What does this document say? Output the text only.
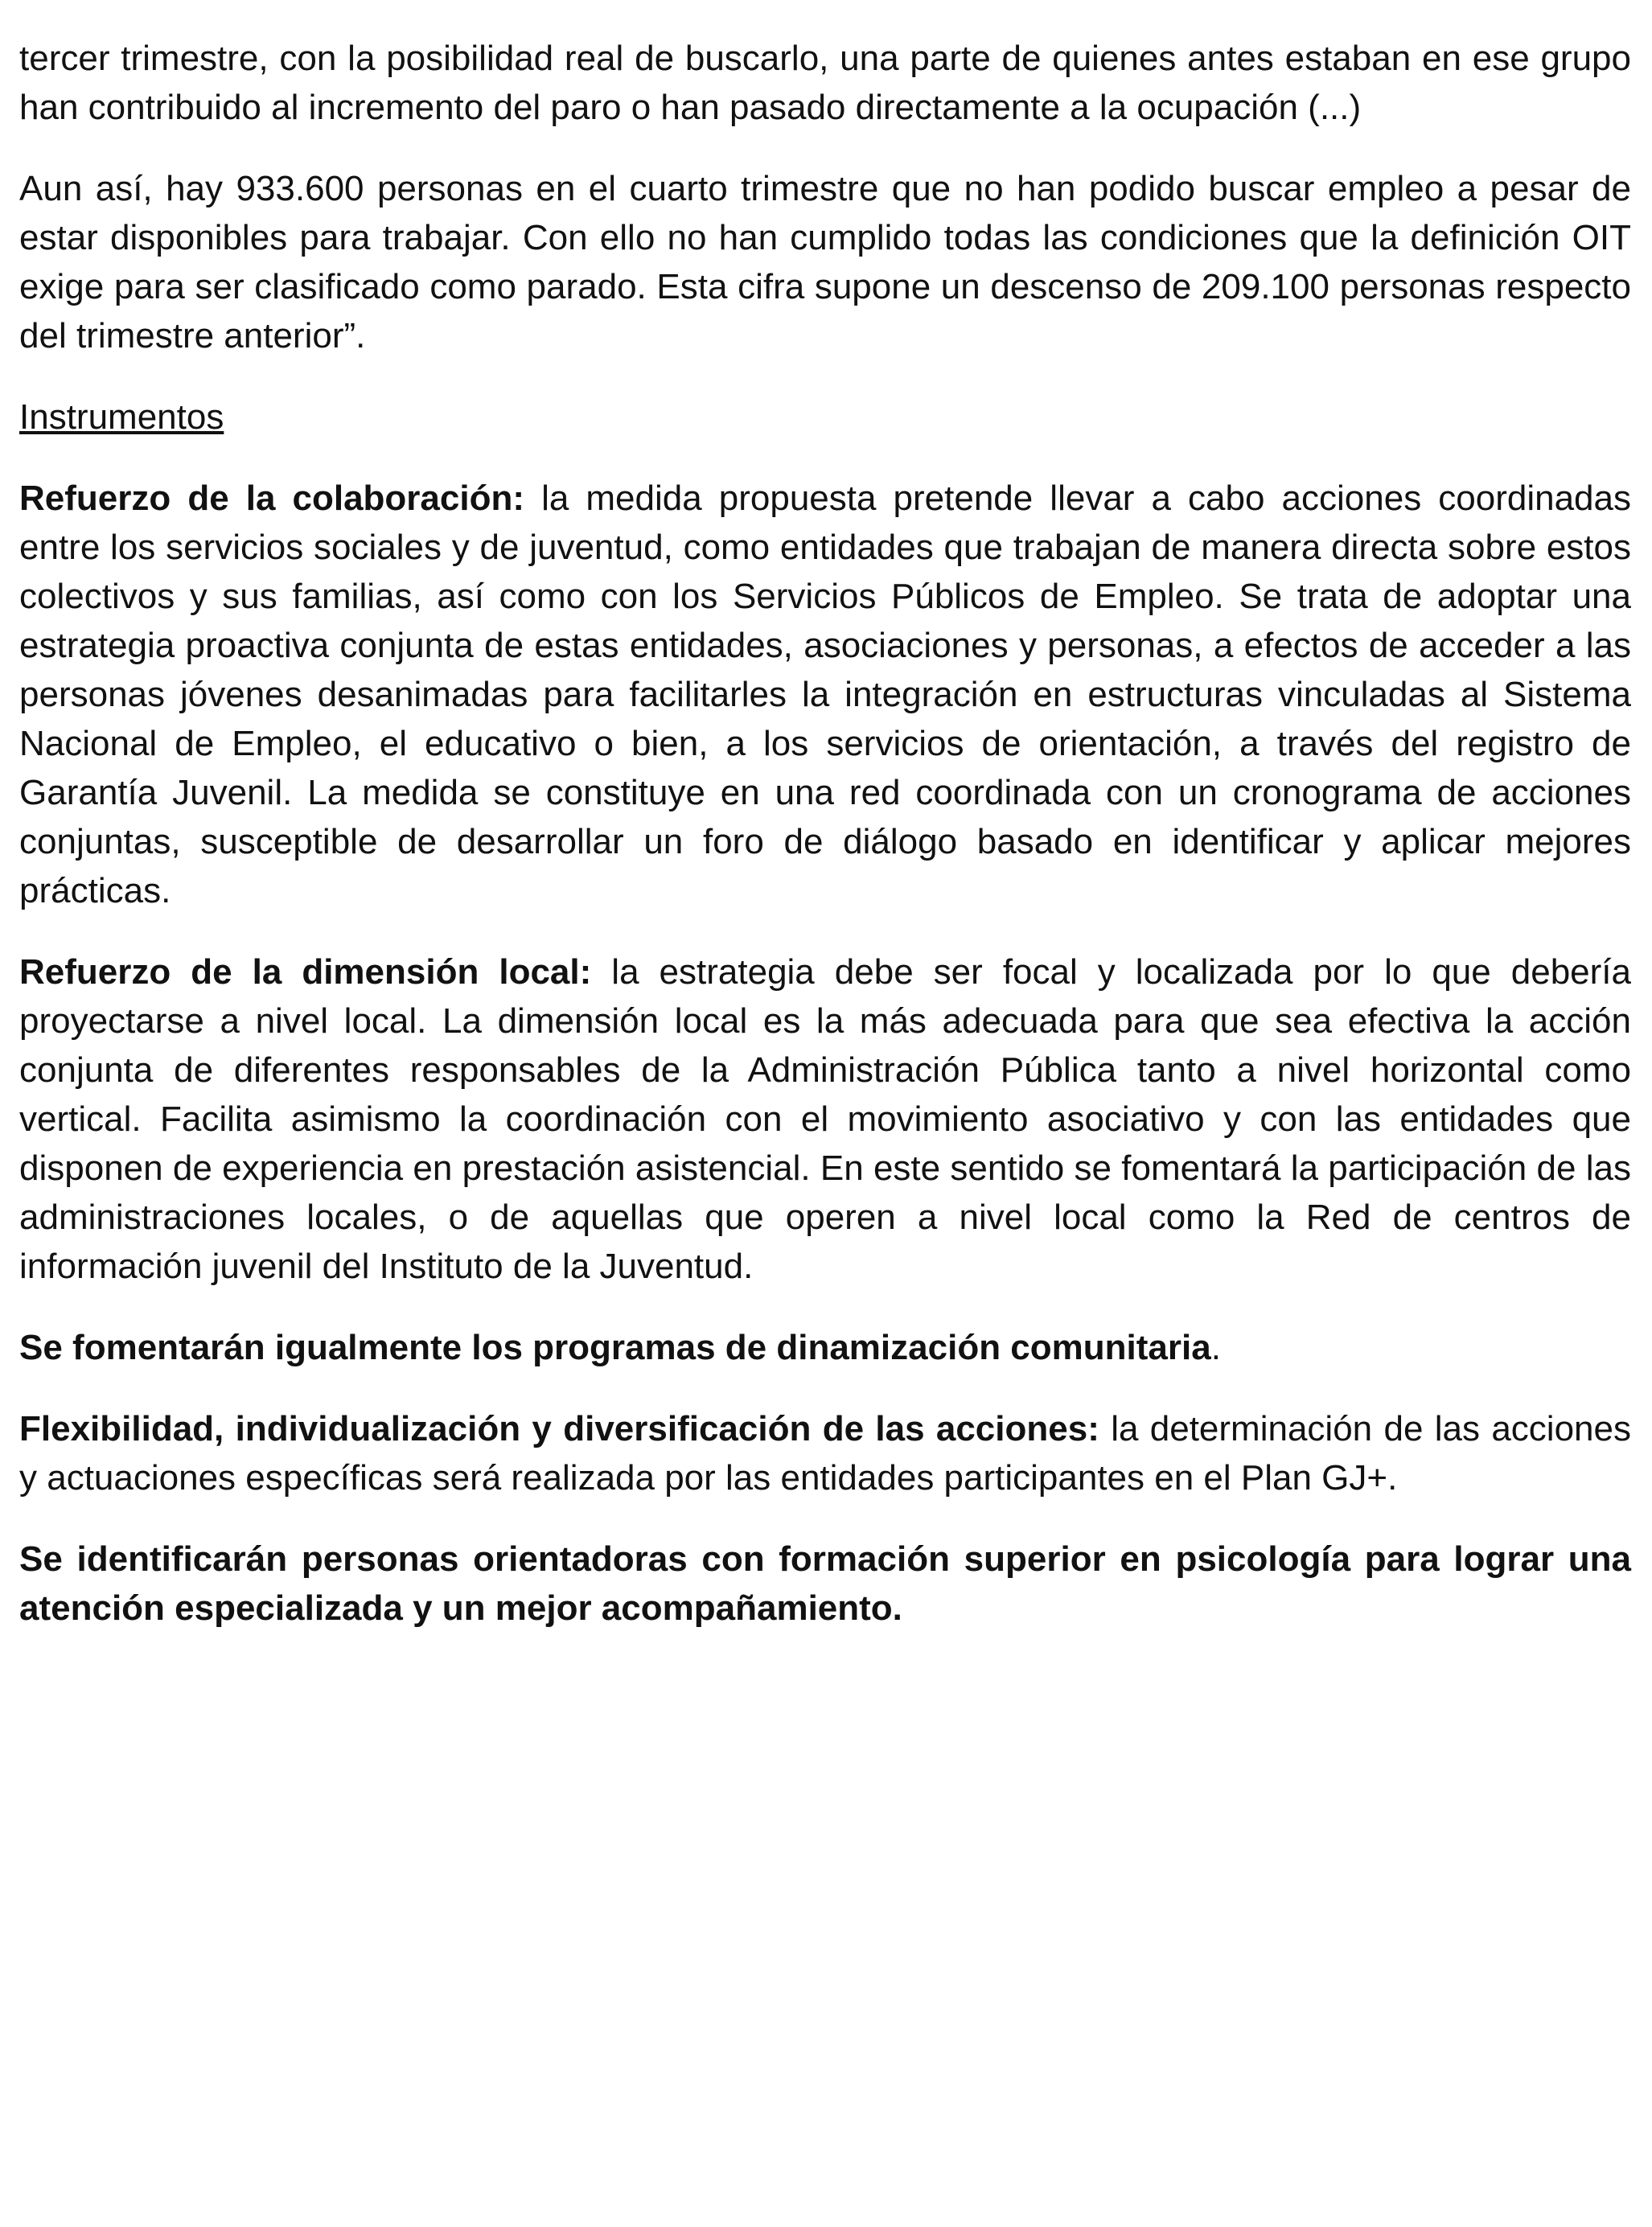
tercer trimestre, con la posibilidad real de buscarlo, una parte de quienes antes estaban en ese grupo han contribuido al incremento del paro o han pasado directamente a la ocupación (...)

Aun así, hay 933.600 personas en el cuarto trimestre que no han podido buscar empleo a pesar de estar disponibles para trabajar. Con ello no han cumplido todas las condiciones que la definición OIT exige para ser clasificado como parado. Esta cifra supone un descenso de 209.100 personas respecto del trimestre anterior”.

Instrumentos

Refuerzo de la colaboración: la medida propuesta pretende llevar a cabo acciones coordinadas entre los servicios sociales y de juventud, como entidades que trabajan de manera directa sobre estos colectivos y sus familias, así como con los Servicios Públicos de Empleo. Se trata de adoptar una estrategia proactiva conjunta de estas entidades, asociaciones y personas, a efectos de acceder a las personas jóvenes desanimadas para facilitarles la integración en estructuras vinculadas al Sistema Nacional de Empleo, el educativo o bien, a los servicios de orientación, a través del registro de Garantía Juvenil. La medida se constituye en una red coordinada con un cronograma de acciones conjuntas, susceptible de desarrollar un foro de diálogo basado en identificar y aplicar mejores prácticas.

Refuerzo de la dimensión local: la estrategia debe ser focal y localizada por lo que debería proyectarse a nivel local. La dimensión local es la más adecuada para que sea efectiva la acción conjunta de diferentes responsables de la Administración Pública tanto a nivel horizontal como vertical. Facilita asimismo la coordinación con el movimiento asociativo y con las entidades que disponen de experiencia en prestación asistencial. En este sentido se fomentará la participación de las administraciones locales, o de aquellas que operen a nivel local como la Red de centros de información juvenil del Instituto de la Juventud.

Se fomentarán igualmente los programas de dinamización comunitaria.

Flexibilidad, individualización y diversificación de las acciones: la determinación de las acciones y actuaciones específicas será realizada por las entidades participantes en el Plan GJ+.

Se identificarán personas orientadoras con formación superior en psicología para lograr una atención especializada y un mejor acompañamiento.
